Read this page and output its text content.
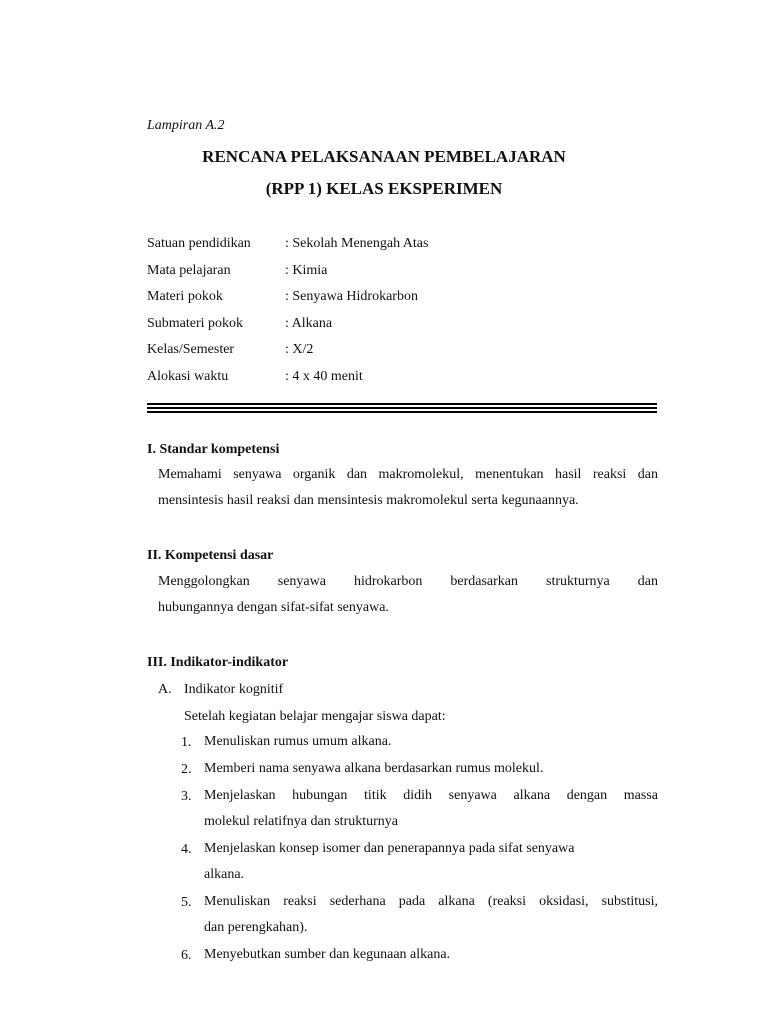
Lampiran A.2
RENCANA PELAKSANAAN PEMBELAJARAN
(RPP 1) KELAS EKSPERIMEN
Satuan pendidikan : Sekolah Menengah Atas
Mata pelajaran	: Kimia
Materi pokok	: Senyawa Hidrokarbon
Submateri pokok	: Alkana
Kelas/Semester	: X/2
Alokasi waktu	: 4 x 40 menit
I. Standar kompetensi
Memahami senyawa organik dan makromolekul, menentukan hasil reaksi dan
mensintesis hasil reaksi dan mensintesis makromolekul serta kegunaannya.
II. Kompetensi dasar
Menggolongkan senyawa hidrokarbon berdasarkan strukturnya dan
hubungannya dengan sifat-sifat senyawa.
III. Indikator-indikator
A. Indikator kognitif
Setelah kegiatan belajar mengajar siswa dapat:
1. Menuliskan rumus umum alkana.
2. Memberi nama senyawa alkana berdasarkan rumus molekul.
3. Menjelaskan hubungan titik didih senyawa alkana dengan massa
molekul relatifnya dan strukturnya
4. Menjelaskan konsep isomer dan penerapannya pada sifat senyawa
alkana.
5. Menuliskan reaksi sederhana pada alkana (reaksi oksidasi, substitusi,
dan perengkahan).
6. Menyebutkan sumber dan kegunaan alkana.
